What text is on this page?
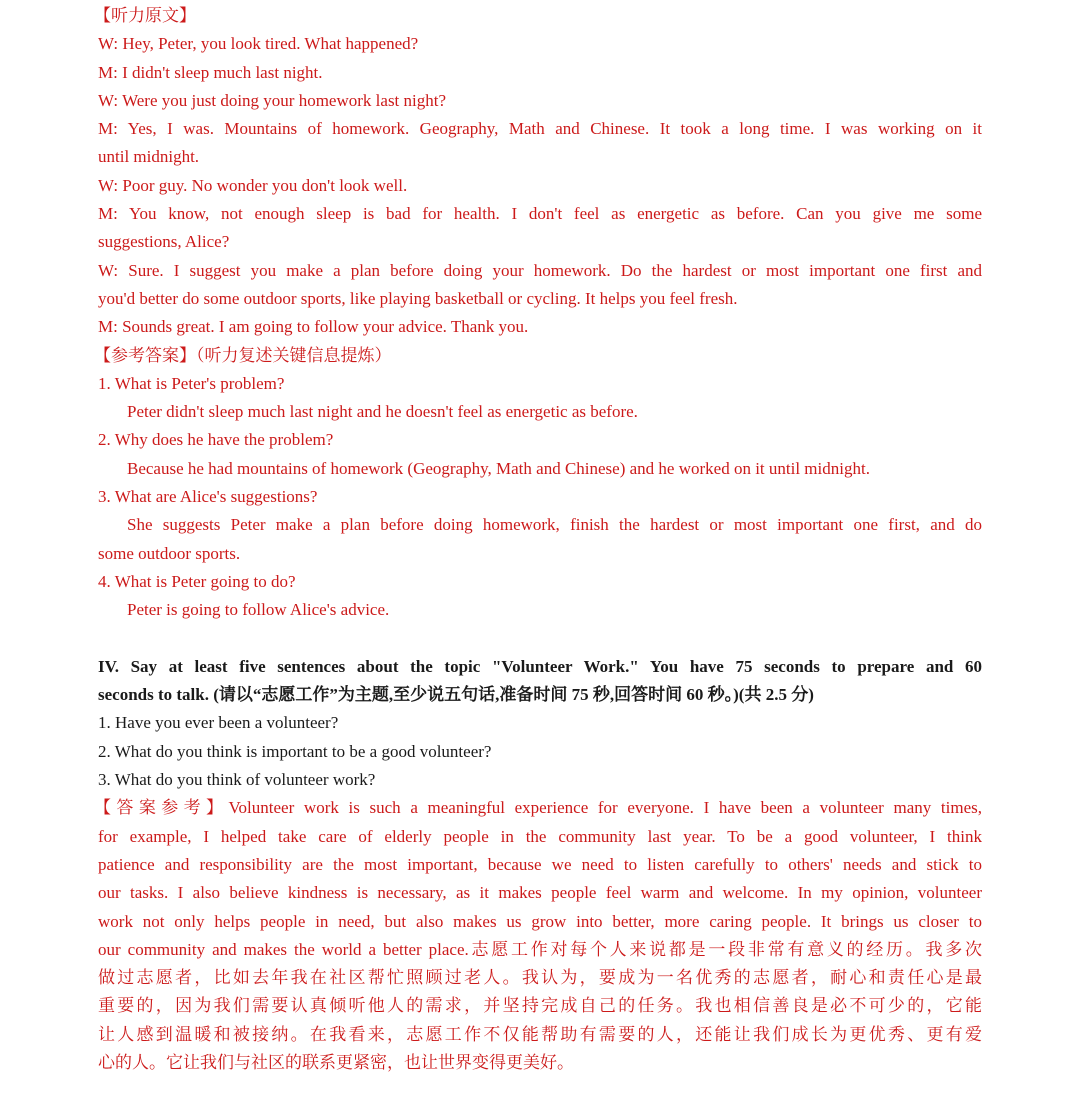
【听力原文】
W: Hey, Peter, you look tired. What happened?
M: I didn't sleep much last night.
W: Were you just doing your homework last night?
M: Yes, I was. Mountains of homework. Geography, Math and Chinese. It took a long time. I was working on it
until midnight.
W: Poor guy. No wonder you don't look well.
M: You know, not enough sleep is bad for health. I don't feel as energetic as before. Can you give me some
suggestions, Alice?
W: Sure. I suggest you make a plan before doing your homework. Do the hardest or most important one first and
you'd better do some outdoor sports, like playing basketball or cycling. It helps you feel fresh.
M: Sounds great. I am going to follow your advice. Thank you.
【参考答案】（听力复述关键信息提炼）
1. What is Peter's problem?
Peter didn't sleep much last night and he doesn't feel as energetic as before.
2. Why does he have the problem?
Because he had mountains of homework (Geography, Math and Chinese) and he worked on it until midnight.
3. What are Alice's suggestions?
She suggests Peter make a plan before doing homework, finish the hardest or most important one first, and do
some outdoor sports.
4. What is Peter going to do?
Peter is going to follow Alice's advice.
IV. Say at least five sentences about the topic "Volunteer Work." You have 75 seconds to prepare and 60
seconds to talk. (请以“志愿工作”为主题,至少说五句话,准备时间 75 秒,回答时间 60 秒。)(共 2.5 分)
1. Have you ever been a volunteer?
2. What do you think is important to be a good volunteer?
3. What do you think of volunteer work?
【答案参考】Volunteer work is such a meaningful experience for everyone. I have been a volunteer many times,
for example, I helped take care of elderly people in the community last year. To be a good volunteer, I think
patience and responsibility are the most important, because we need to listen carefully to others' needs and stick to
our tasks. I also believe kindness is necessary, as it makes people feel warm and welcome. In my opinion, volunteer
work not only helps people in need, but also makes us grow into better, more caring people. It brings us closer to
our community and makes the world a better place.志愿工作对每个人来说都是一段非常有意义的经历。我多次
做过志愿者，比如去年我在社区帮忙照顾过老人。我认为，要成为一名优秀的志愿者，耐心和责任心是最
重要的，因为我们需要认真倾听他人的需求，并坚持完成自己的任务。我也相信善良是必不可少的，它能
让人感到温暖和被接纳。在我看来，志愿工作不仅能帮助有需要的人，还能让我们成长为更优秀、更有爱
心的人。它让我们与社区的联系更紧密，也让世界变得更美好。
